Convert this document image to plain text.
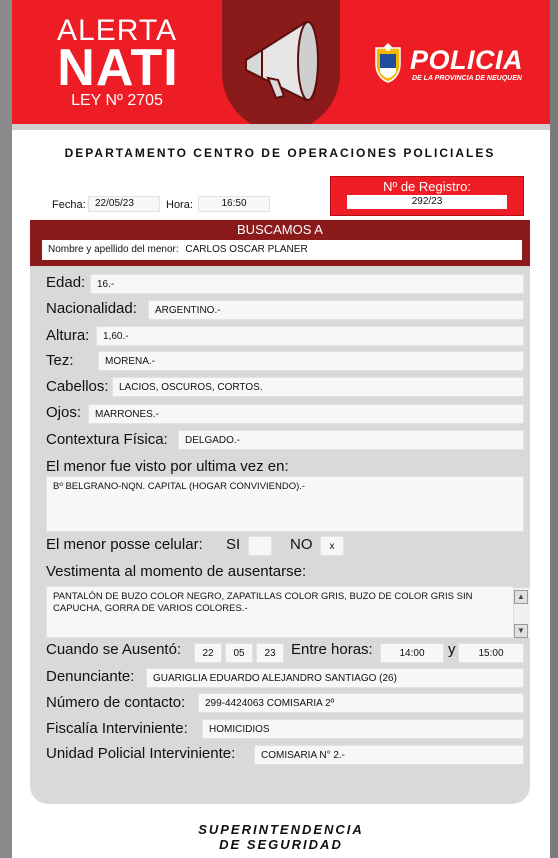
ALERTA
NATI
LEY Nº 2705
POLICIA
DE LA PROVINCIA DE NEUQUEN
DEPARTAMENTO CENTRO DE OPERACIONES POLICIALES
Fecha: 22/05/23	Hora:	16:50
Nº de Registro:
292/23
BUSCAMOS A
Nombre y apellido del menor: CARLOS OSCAR PLANER
Edad:	16.-
Nacionalidad:	ARGENTINO.-
Altura:	1,60.-
Tez:	MORENA.-
Cabellos:	LACIOS, OSCUROS, CORTOS.
Ojos:	MARRONES.-
Contextura Física:	DELGADO.-
El menor fue visto por ultima vez en:
Bº BELGRANO-NQN. CAPITAL (HOGAR CONVIVIENDO).-
El menor posse celular: SI	NO	x
Vestimenta al momento de ausentarse:
PANTALÓN DE BUZO COLOR NEGRO, ZAPATILLAS COLOR GRIS, BUZO DE COLOR GRIS SIN CAPUCHA, GORRA DE VARIOS COLORES.-
▲
▼
Cuando se Ausentó:	22	05	23	Entre horas:	14:00	y	15:00
Denunciante:	GUARIGLIA EDUARDO ALEJANDRO SANTIAGO (26)
Número de contacto:	299-4424063 COMISARIA 2º
Fiscalía Interviniente:	HOMICIDIOS
Unidad Policial Interviniente:	COMISARIA N° 2.-
SUPERINTENDENCIA
DE SEGURIDAD
